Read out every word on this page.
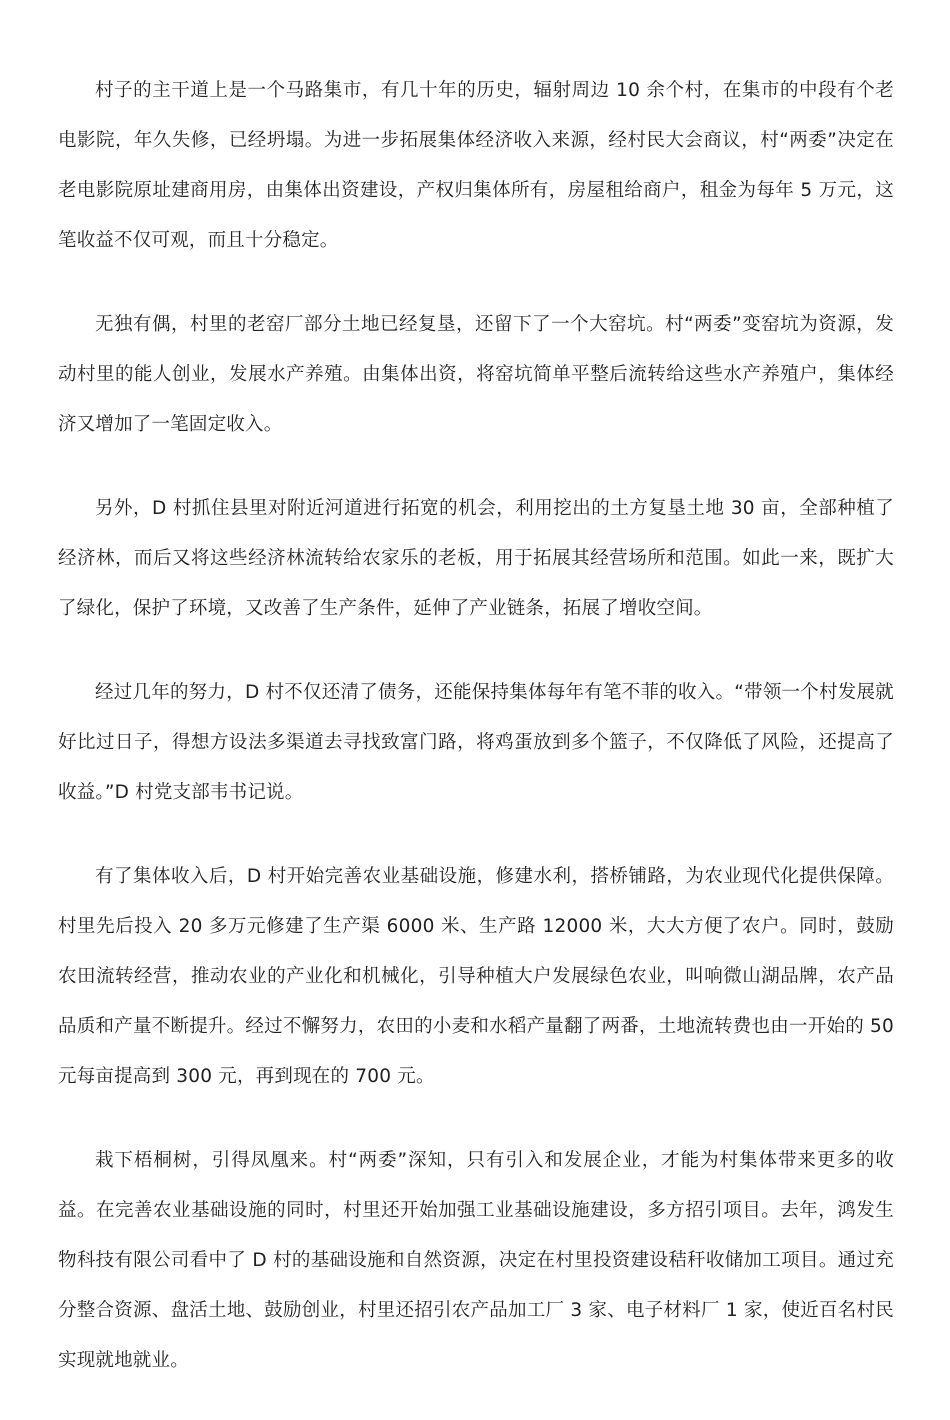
村子的主干道上是一个马路集市，有几十年的历史，辐射周边 10 余个村，在集市的中段有个老电影院，年久失修，已经坍塌。为进一步拓展集体经济收入来源，经村民大会商议，村“两委”决定在老电影院原址建商用房，由集体出资建设，产权归集体所有，房屋租给商户，租金为每年 5 万元，这笔收益不仅可观，而且十分稳定。

无独有偶，村里的老窑厂部分土地已经复垦，还留下了一个大窑坑。村“两委”变窑坑为资源，发动村里的能人创业，发展水产养殖。由集体出资，将窑坑简单平整后流转给这些水产养殖户，集体经济又增加了一笔固定收入。

另外，D 村抓住县里对附近河道进行拓宽的机会，利用挖出的土方复垦土地 30 亩，全部种植了经济林，而后又将这些经济林流转给农家乐的老板，用于拓展其经营场所和范围。如此一来，既扩大了绿化，保护了环境，又改善了生产条件，延伸了产业链条，拓展了增收空间。

经过几年的努力，D 村不仅还清了债务，还能保持集体每年有笔不菲的收入。“带领一个村发展就好比过日子，得想方设法多渠道去寻找致富门路，将鸡蛋放到多个篮子，不仅降低了风险，还提高了收益。”D 村党支部韦书记说。

有了集体收入后，D 村开始完善农业基础设施，修建水利，搭桥铺路，为农业现代化提供保障。村里先后投入 20 多万元修建了生产渠 6000 米、生产路 12000 米，大大方便了农户。同时，鼓励农田流转经营，推动农业的产业化和机械化，引导种植大户发展绿色农业，叫响微山湖品牌，农产品品质和产量不断提升。经过不懈努力，农田的小麦和水稻产量翻了两番，土地流转费也由一开始的 50 元每亩提高到 300 元，再到现在的 700 元。

栽下梧桐树，引得凤凰来。村“两委”深知，只有引入和发展企业，才能为村集体带来更多的收益。在完善农业基础设施的同时，村里还开始加强工业基础设施建设，多方招引项目。去年，鸿发生物科技有限公司看中了 D 村的基础设施和自然资源，决定在村里投资建设秸秆收储加工项目。通过充分整合资源、盘活土地、鼓励创业，村里还招引农产品加工厂 3 家、电子材料厂 1 家，使近百名村民实现就地就业。
